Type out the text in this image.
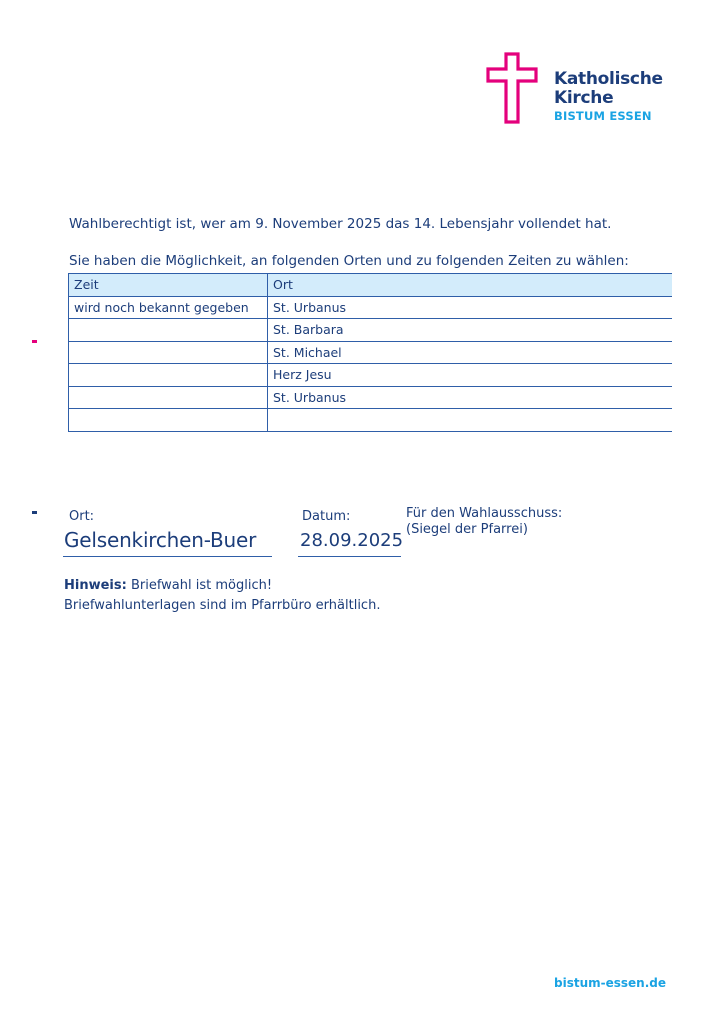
Katholische
Kirche
BISTUM ESSEN
Wahlberechtigt ist, wer am 9. November 2025 das 14. Lebensjahr vollendet hat.
Sie haben die Möglichkeit, an folgenden Orten und zu folgenden Zeiten zu wählen:
Zeit	Ort
wird noch bekannt gegeben	St. Urbanus
	St. Barbara
	St. Michael
	Herz Jesu
	St. Urbanus

Ort:
Gelsenkirchen-Buer
Datum:
28.09.2025
Für den Wahlausschuss:
(Siegel der Pfarrei)
Hinweis: Briefwahl ist möglich!
Briefwahlunterlagen sind im Pfarrbüro erhältlich.
bistum-essen.de
